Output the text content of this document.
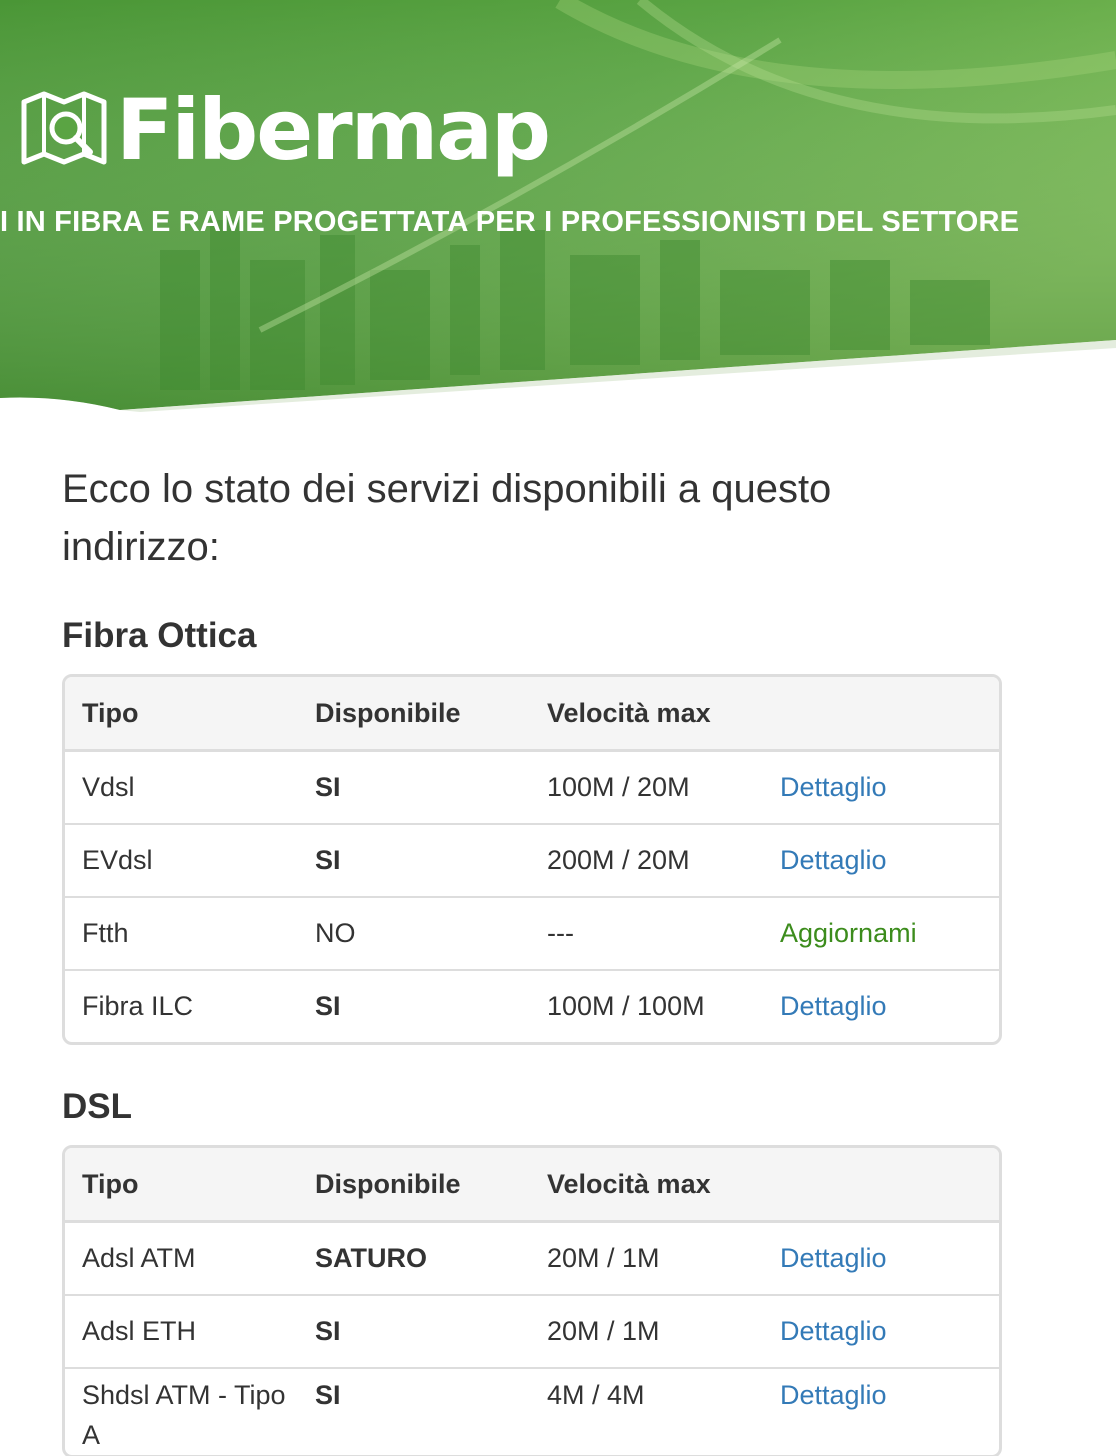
Fibermap
I IN FIBRA E RAME PROGETTATA PER I PROFESSIONISTI DEL SETTORE

Ecco lo stato dei servizi disponibili a questo indirizzo:

Fibra Ottica
Tipo	Disponibile	Velocità max	
Vdsl	SI	100M / 20M	Dettaglio
EVdsl	SI	200M / 20M	Dettaglio
Ftth	NO	---	Aggiornami
Fibra ILC	SI	100M / 100M	Dettaglio
DSL
Tipo	Disponibile	Velocità max	
Adsl ATM	SATURO	20M / 1M	Dettaglio
Adsl ETH	SI	20M / 1M	Dettaglio
Shdsl ATM - Tipo A	SI	4M / 4M	Dettaglio
